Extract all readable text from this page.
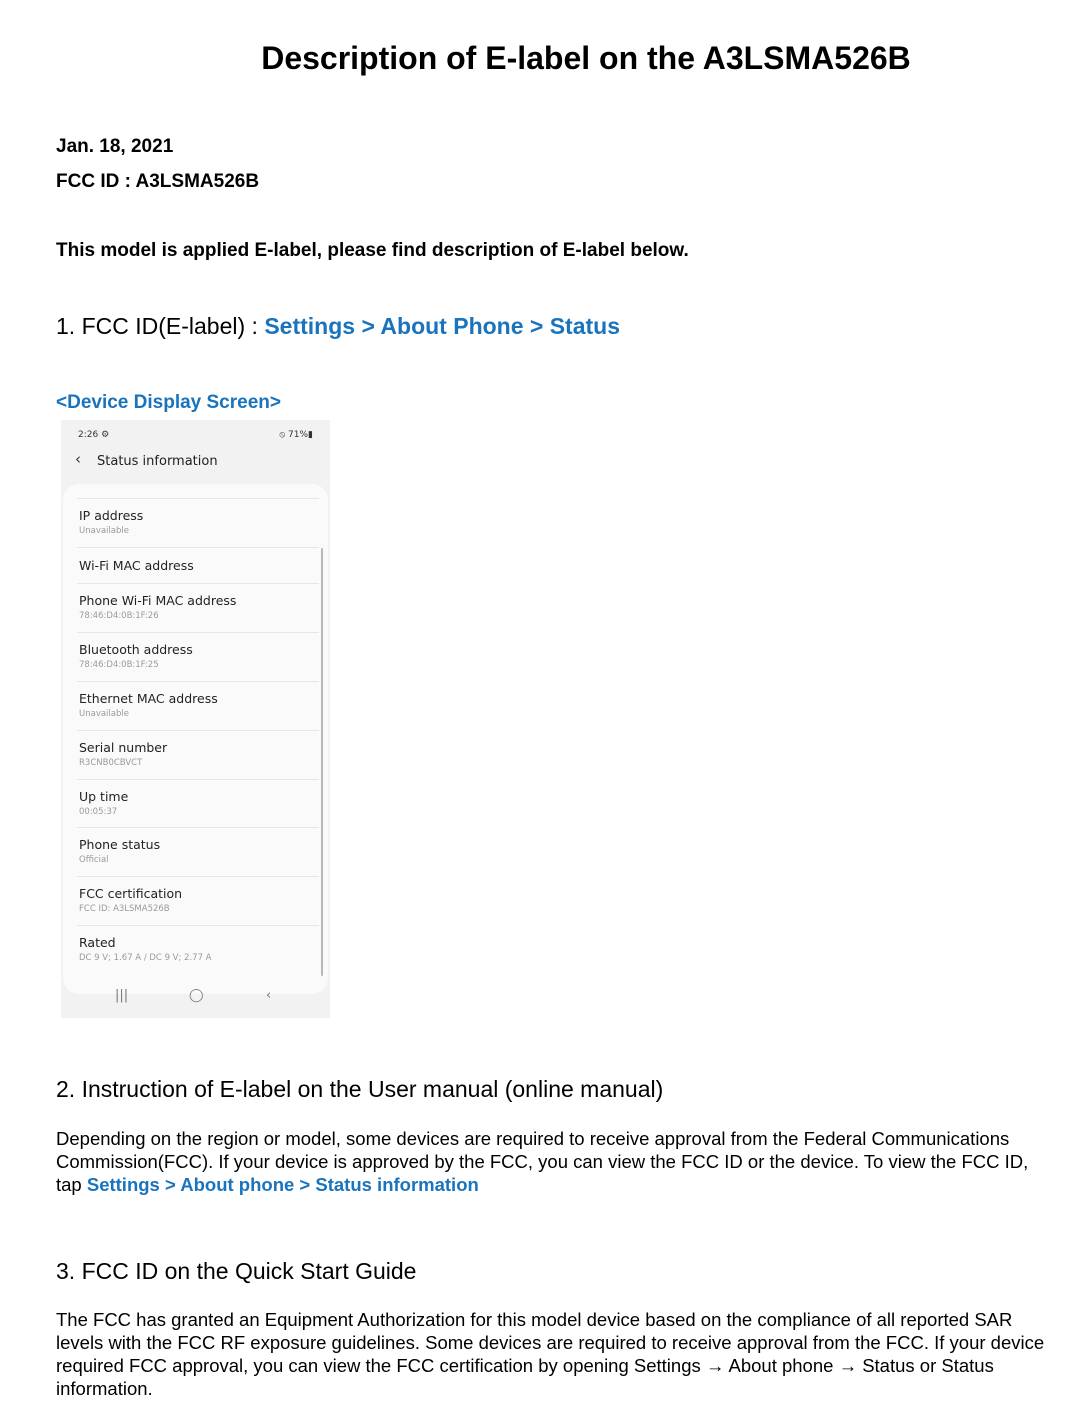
Description of E-label on the A3LSMA526B
Jan. 18, 2021
FCC ID : A3LSMA526B
This model is applied E-label, please find description of E-label below.
1. FCC ID(E-label) : Settings > About Phone > Status
<Device Display Screen>
2:26 ⚙	⦸ 71%▮
‹ Status information
IP address
Unavailable
Wi-Fi MAC address
Phone Wi-Fi MAC address
78:46:D4:0B:1F:26
Bluetooth address
78:46:D4:0B:1F:25
Ethernet MAC address
Unavailable
Serial number
R3CNB0CBVCT
Up time
00:05:37
Phone status
Official
FCC certification
FCC ID: A3LSMA526B
Rated
DC 9 V; 1.67 A / DC 9 V; 2.77 A
|||	◯	‹
2. Instruction of E-label on the User manual (online manual)
Depending on the region or model, some devices are required to receive approval from the Federal Communications Commission(FCC). If your device is approved by the FCC, you can view the FCC ID or the device. To view the FCC ID, tap Settings > About phone > Status information
3. FCC ID on the Quick Start Guide
The FCC has granted an Equipment Authorization for this model device based on the compliance of all reported SAR levels with the FCC RF exposure guidelines. Some devices are required to receive approval from the FCC. If your device required FCC approval, you can view the FCC certification by opening Settings → About phone → Status or Status information.
